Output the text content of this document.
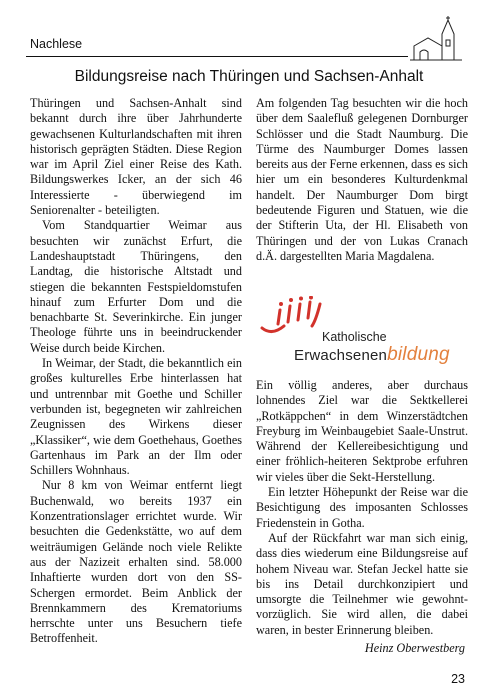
Nachlese
Bildungsreise nach Thüringen und Sachsen-Anhalt

Thüringen und Sachsen-Anhalt sind bekannt durch ihre über Jahrhunderte gewachsenen Kulturlandschaften mit ihren historisch geprägten Städten. Diese Region war im April Ziel einer Reise des Kath. Bildungswerkes Icker, an der sich 46 Interessierte - überwiegend im Seniorenalter - beteiligten.

Vom Standquartier Weimar aus besuchten wir zunächst Erfurt, die Landeshauptstadt Thüringens, den Landtag, die historische Altstadt und stiegen die bekannten Festspieldomstufen hinauf zum Erfurter Dom und die benachbarte St. Severinkirche. Ein junger Theologe führte uns in beeindruckender Weise durch beide Kirchen.

In Weimar, der Stadt, die bekanntlich ein großes kulturelles Erbe hinterlassen hat und untrennbar mit Goethe und Schiller verbunden ist, begegneten wir zahlreichen Zeugnissen des Wirkens dieser „Klassiker“, wie dem Goethehaus, Goethes Gartenhaus im Park an der Ilm oder Schillers Wohnhaus.

Nur 8 km von Weimar entfernt liegt Buchenwald, wo bereits 1937 ein Konzentrationslager errichtet wurde. Wir besuchten die Gedenkstätte, wo auf dem weiträumigen Gelände noch viele Relikte aus der Nazizeit erhalten sind. 58.000 Inhaftierte wurden dort von den SS-Schergen ermordet. Beim Anblick der Brennkammern des Krematoriums herrschte unter uns Besuchern tiefe Betroffenheit.

Am folgenden Tag besuchten wir die hoch über dem Saalefluß gelegenen Dornburger Schlösser und die Stadt Naumburg. Die Türme des Naumburger Domes lassen bereits aus der Ferne erkennen, dass es sich hier um ein besonderes Kulturdenkmal handelt. Der Naumburger Dom birgt bedeutende Figuren und Statuen, wie die der Stifterin Uta, der Hl. Elisabeth von Thüringen und der von Lukas Cranach d.Ä. dargestellten Maria Magdalena.

Katholische
Erwachsenenbildung

Ein völlig anderes, aber durchaus lohnendes Ziel war die Sektkellerei „Rotkäppchen“ in dem Winzerstädtchen Freyburg im Weinbaugebiet Saale-Unstrut. Während der Kellereibesichtigung und einer fröhlich-heiteren Sektprobe erfuhren wir vieles über die Sekt-Herstellung.

Ein letzter Höhepunkt der Reise war die Besichtigung des imposanten Schlosses Friedenstein in Gotha.

Auf der Rückfahrt war man sich einig, dass dies wiederum eine Bildungsreise auf hohem Niveau war. Stefan Jeckel hatte sie bis ins Detail durchkonzipiert und umsorgte die Teilnehmer wie gewohnt-vorzüglich. Sie wird allen, die dabei waren, in bester Erinnerung bleiben.

Heinz Oberwestberg
23
